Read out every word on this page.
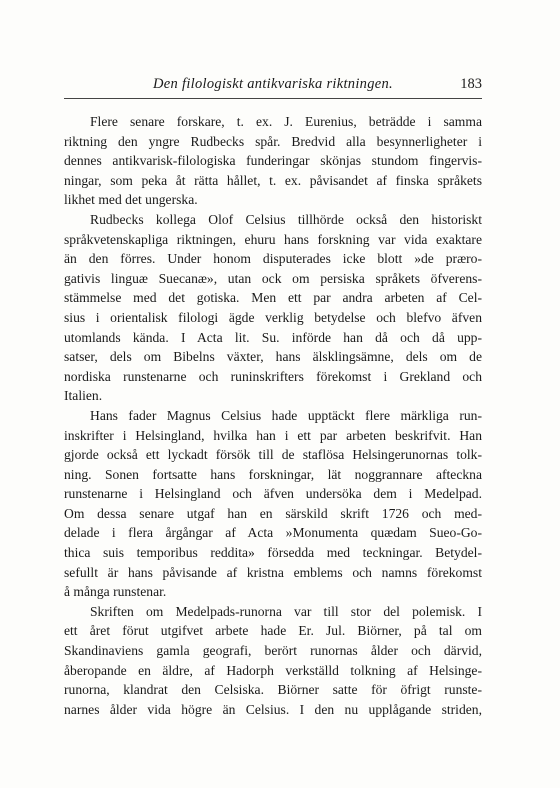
Den filologiskt antikvariska riktningen.	183
Flere senare forskare, t. ex. J. Eurenius, beträdde i samma
riktning den yngre Rudbecks spår. Bredvid alla besynnerligheter i
dennes antikvarisk-filologiska funderingar skönjas stundom fingervis-
ningar, som peka åt rätta hållet, t. ex. påvisandet af finska språkets
likhet med det ungerska.
Rudbecks kollega Olof Celsius tillhörde också den historiskt
språkvetenskapliga riktningen, ehuru hans forskning var vida exaktare
än den förres. Under honom disputerades icke blott »de præro-
gativis linguæ Suecanæ», utan ock om persiska språkets öfverens-
stämmelse med det gotiska. Men ett par andra arbeten af Cel-
sius i orientalisk filologi ägde verklig betydelse och blefvo äfven
utomlands kända. I Acta lit. Su. införde han då och då upp-
satser, dels om Bibelns växter, hans älsklingsämne, dels om de
nordiska runstenarne och runinskrifters förekomst i Grekland och
Italien.
Hans fader Magnus Celsius hade upptäckt flere märkliga run-
inskrifter i Helsingland, hvilka han i ett par arbeten beskrifvit. Han
gjorde också ett lyckadt försök till de staflösa Helsingerunornas tolk-
ning. Sonen fortsatte hans forskningar, lät noggrannare afteckna
runstenarne i Helsingland och äfven undersöka dem i Medelpad.
Om dessa senare utgaf han en särskild skrift 1726 och med-
delade i flera årgångar af Acta »Monumenta quædam Sueo-Go-
thica suis temporibus reddita» försedda med teckningar. Betydel-
sefullt är hans påvisande af kristna emblems och namns förekomst
å många runstenar.
Skriften om Medelpads-runorna var till stor del polemisk. I
ett året förut utgifvet arbete hade Er. Jul. Biörner, på tal om
Skandinaviens gamla geografi, berört runornas ålder och därvid,
åberopande en äldre, af Hadorph verkställd tolkning af Helsinge-
runorna, klandrat den Celsiska. Biörner satte för öfrigt runste-
narnes ålder vida högre än Celsius. I den nu upplågande striden,
